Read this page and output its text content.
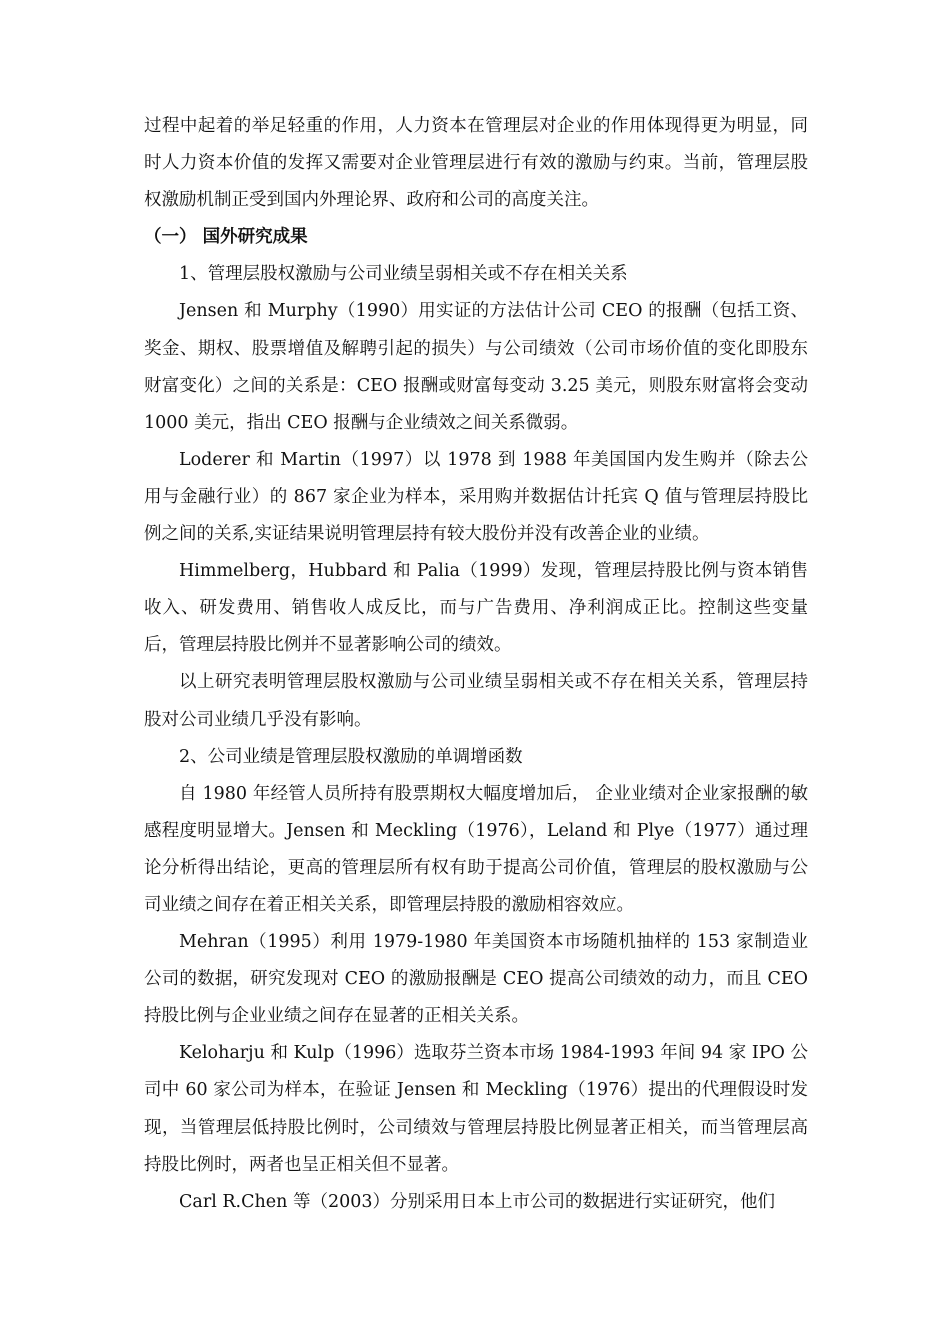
过程中起着的举足轻重的作用，人力资本在管理层对企业的作用体现得更为明显，同时人力资本价值的发挥又需要对企业管理层进行有效的激励与约束。当前，管理层股权激励机制正受到国内外理论界、政府和公司的高度关注。

（一） 国外研究成果

1、管理层股权激励与公司业绩呈弱相关或不存在相关关系

Jensen 和 Murphy（1990）用实证的方法估计公司 CEO 的报酬（包括工资、奖金、期权、股票增值及解聘引起的损失）与公司绩效（公司市场价值的变化即股东财富变化）之间的关系是：CEO 报酬或财富每变动 3.25 美元，则股东财富将会变动 1000 美元，指出 CEO 报酬与企业绩效之间关系微弱。

Loderer 和 Martin（1997）以 1978 到 1988 年美国国内发生购并（除去公用与金融行业）的 867 家企业为样本，采用购并数据估计托宾 Q 值与管理层持股比例之间的关系,实证结果说明管理层持有较大股份并没有改善企业的业绩。

Himmelberg，Hubbard 和 Palia（1999）发现，管理层持股比例与资本销售收入、研发费用、销售收人成反比，而与广告费用、净利润成正比。控制这些变量后，管理层持股比例并不显著影响公司的绩效。

以上研究表明管理层股权激励与公司业绩呈弱相关或不存在相关关系，管理层持股对公司业绩几乎没有影响。

2、公司业绩是管理层股权激励的单调增函数

自 1980 年经管人员所持有股票期权大幅度增加后， 企业业绩对企业家报酬的敏感程度明显增大。Jensen 和 Meckling（1976），Leland 和 Plye（1977）通过理论分析得出结论，更高的管理层所有权有助于提高公司价值，管理层的股权激励与公司业绩之间存在着正相关关系，即管理层持股的激励相容效应。

Mehran（1995）利用 1979-1980 年美国资本市场随机抽样的 153 家制造业公司的数据，研究发现对 CEO 的激励报酬是 CEO 提高公司绩效的动力，而且 CEO 持股比例与企业业绩之间存在显著的正相关关系。

Keloharju 和 Kulp（1996）选取芬兰资本市场 1984-1993 年间 94 家 IPO 公司中 60 家公司为样本，在验证 Jensen 和 Meckling（1976）提出的代理假设时发现，当管理层低持股比例时，公司绩效与管理层持股比例显著正相关，而当管理层高持股比例时，两者也呈正相关但不显著。

Carl R.Chen 等（2003）分别采用日本上市公司的数据进行实证研究，他们
